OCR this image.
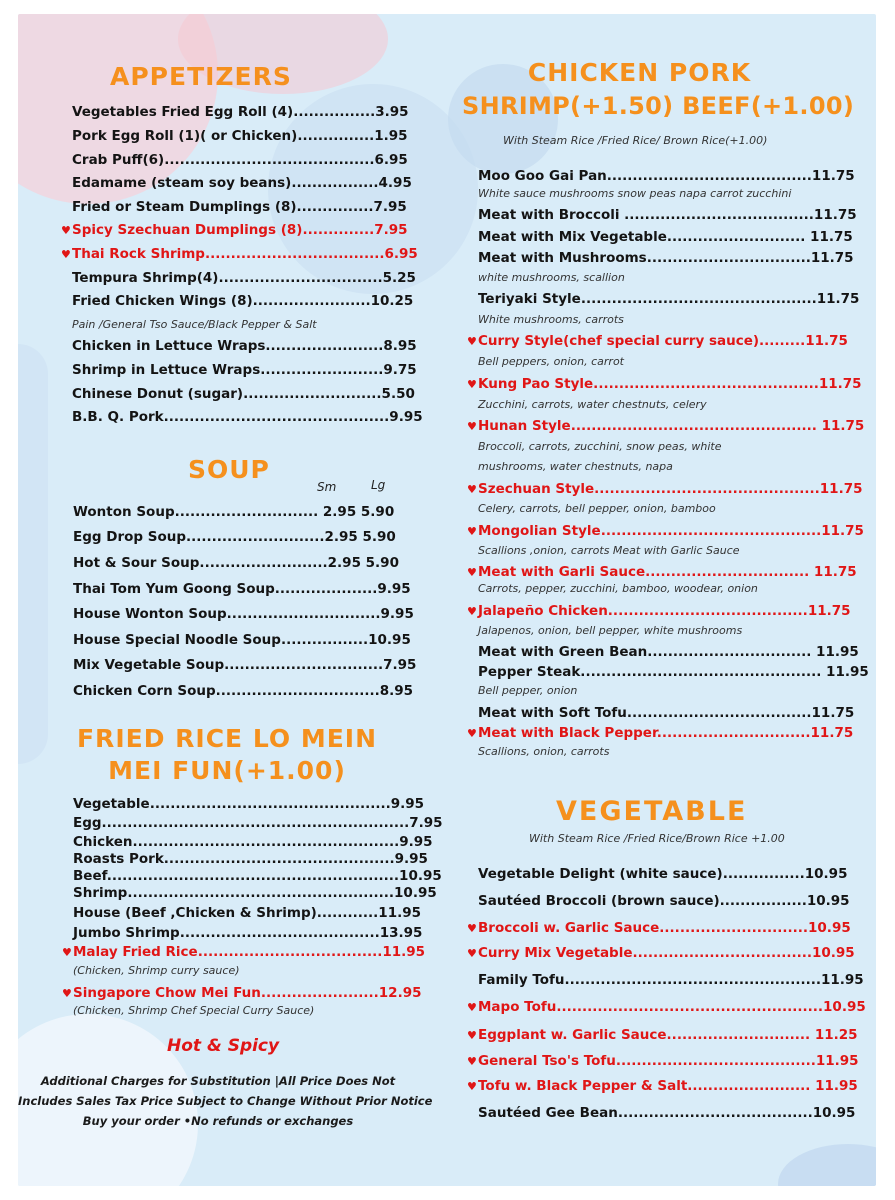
APPETIZERS
Vegetables Fried Egg Roll (4)................3.95
Pork Egg Roll (1)( or Chicken)...............1.95
Crab Puff(6).........................................6.95
Edamame (steam soy beans).................4.95
Fried or Steam Dumplings (8)...............7.95
♥ Spicy Szechuan Dumplings (8)..............7.95
♥ Thai Rock Shrimp...................................6.95
Tempura Shrimp(4)................................5.25
Fried Chicken Wings (8).......................10.25
Pain /General Tso Sauce/Black Pepper & Salt
Chicken in Lettuce Wraps.......................8.95
Shrimp in Lettuce Wraps........................9.75
Chinese Donut (sugar)...........................5.50
B.B. Q. Pork............................................9.95
SOUP
Sm	Lg
Wonton Soup............................ 2.95 5.90
Egg Drop Soup...........................2.95 5.90
Hot & Sour Soup.........................2.95 5.90
Thai Tom Yum Goong Soup....................9.95
House Wonton Soup..............................9.95
House Special Noodle Soup.................10.95
Mix Vegetable Soup...............................7.95
Chicken Corn Soup................................8.95
FRIED RICE LO MEIN
MEI FUN(+1.00)
Vegetable...............................................9.95
Egg............................................................7.95
Chicken....................................................9.95
Roasts Pork.............................................9.95
Beef.........................................................10.95
Shrimp....................................................10.95
House (Beef ,Chicken & Shrimp)............11.95
Jumbo Shrimp.......................................13.95
♥ Malay Fried Rice....................................11.95
(Chicken, Shrimp curry sauce)
♥ Singapore Chow Mei Fun.......................12.95
(Chicken, Shrimp Chef Special Curry Sauce)
Hot & Spicy
Additional Charges for Substitution |All Price Does Not
Includes Sales Tax Price Subject to Change Without Prior Notice
Buy your order •No refunds or exchanges
CHICKEN PORK
SHRIMP(+1.50) BEEF(+1.00)
With Steam Rice /Fried Rice/ Brown Rice(+1.00)
Moo Goo Gai Pan........................................11.75
White sauce mushrooms snow peas napa carrot zucchini
Meat with Broccoli .....................................11.75
Meat with Mix Vegetable........................... 11.75
Meat with Mushrooms................................11.75
white mushrooms, scallion
Teriyaki Style..............................................11.75
White mushrooms, carrots
♥ Curry Style(chef special curry sauce).........11.75
Bell peppers, onion, carrot
♥ Kung Pao Style............................................11.75
Zucchini, carrots, water chestnuts, celery
♥ Hunan Style................................................ 11.75
Broccoli, carrots, zucchini, snow peas, white
mushrooms, water chestnuts, napa
♥ Szechuan Style............................................11.75
Celery, carrots, bell pepper, onion, bamboo
♥ Mongolian Style...........................................11.75
Scallions ,onion, carrots Meat with Garlic Sauce
♥ Meat with Garli Sauce................................ 11.75
Carrots, pepper, zucchini, bamboo, woodear, onion
♥ Jalapeño Chicken.......................................11.75
Jalapenos, onion, bell pepper, white mushrooms
Meat with Green Bean................................ 11.95
Pepper Steak............................................... 11.95
Bell pepper, onion
Meat with Soft Tofu....................................11.75
♥ Meat with Black Pepper..............................11.75
Scallions, onion, carrots
VEGETABLE
With Steam Rice /Fried Rice/Brown Rice +1.00
Vegetable Delight (white sauce)................10.95
Sautéed Broccoli (brown sauce).................10.95
♥ Broccoli w. Garlic Sauce.............................10.95
♥ Curry Mix Vegetable...................................10.95
Family Tofu..................................................11.95
♥ Mapo Tofu....................................................10.95
♥ Eggplant w. Garlic Sauce............................ 11.25
♥ General Tso's Tofu.......................................11.95
♥ Tofu w. Black Pepper & Salt........................ 11.95
Sautéed Gee Bean......................................10.95
